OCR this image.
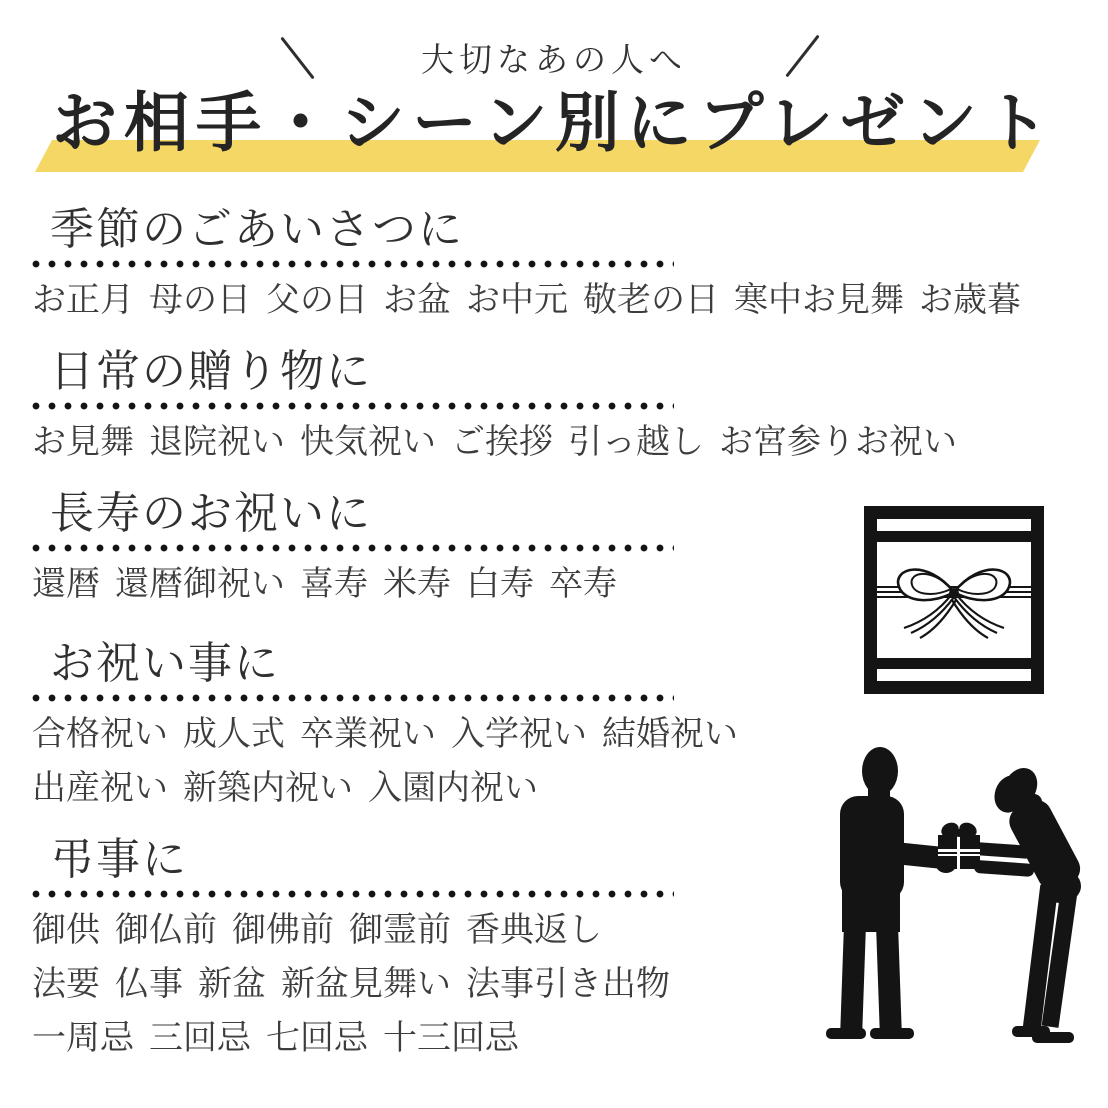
大切なあの人へ
お相手・シーン別にプレゼント
季節のごあいさつに
お正月 母の日 父の日 お盆 お中元 敬老の日 寒中お見舞 お歳暮
日常の贈り物に
お見舞 退院祝い 快気祝い ご挨拶 引っ越し お宮参りお祝い
長寿のお祝いに
還暦 還暦御祝い 喜寿 米寿 白寿 卒寿
お祝い事に
合格祝い 成人式 卒業祝い 入学祝い 結婚祝い
出産祝い 新築内祝い 入園内祝い
弔事に
御供 御仏前 御佛前 御霊前 香典返し
法要 仏事 新盆 新盆見舞い 法事引き出物
一周忌 三回忌 七回忌 十三回忌
